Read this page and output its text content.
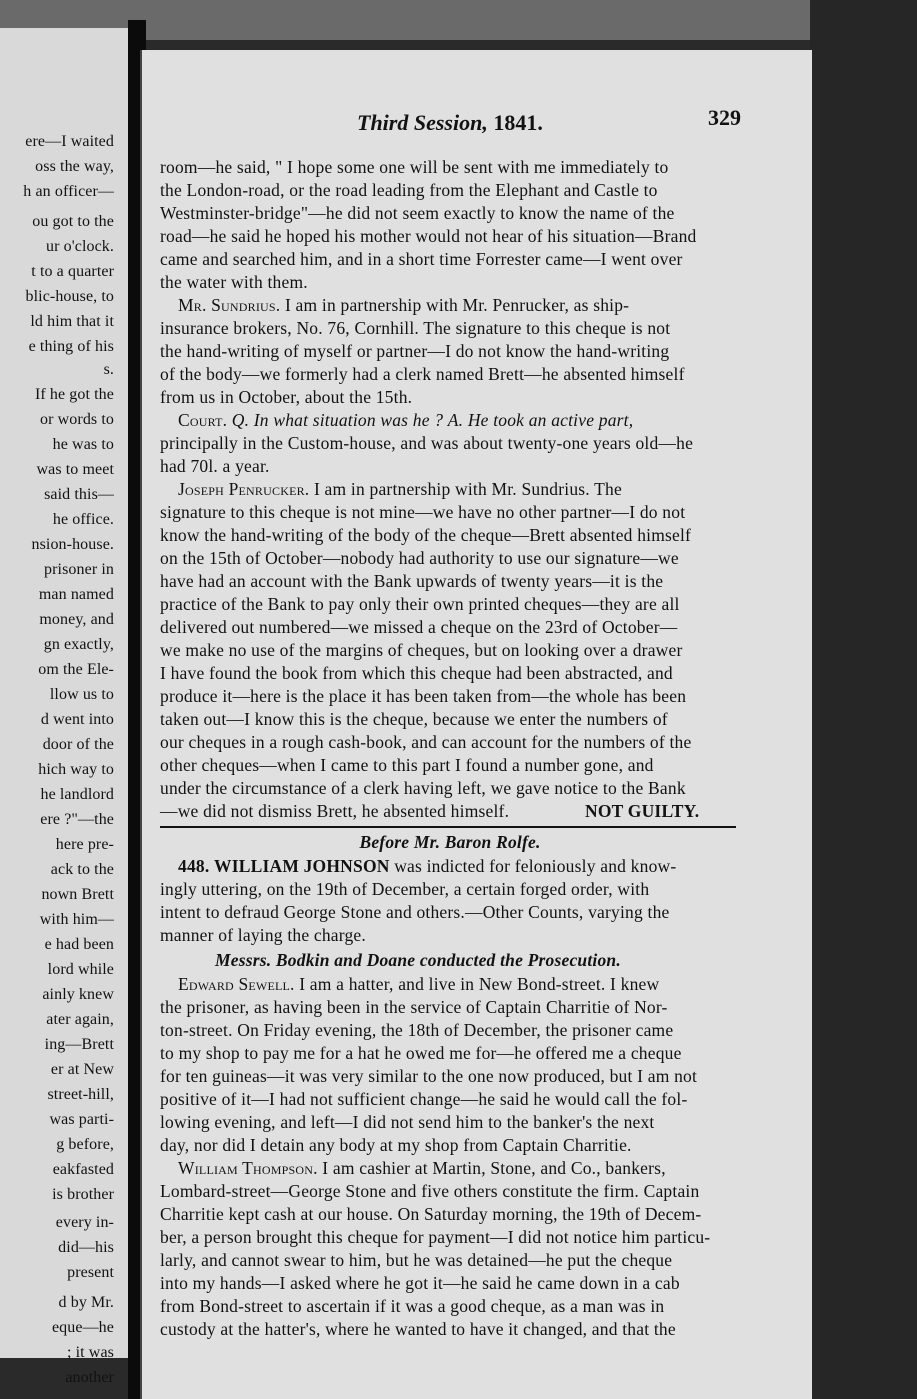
ere—I waited
oss the way,
h an officer—
ou got to the
ur o'clock.
t to a quarter
blic-house, to
ld him that it
e thing of his
s.
If he got the
or words to
he was to
was to meet
said this—
he office.
nsion-house.
prisoner in
man named
money, and
gn exactly,
om the Ele-
llow us to
d went into
door of the
hich way to
he landlord
ere ?"—the
here pre-
ack to the
nown Brett
with him—
e had been
lord while
ainly knew
ater again,
ing—Brett
er at New
street-hill,
was parti-
g before,
eakfasted
is brother
every in-
did—his
present
d by Mr.
eque—he
; it was
another
Third Session, 1841.	329
room—he said, " I hope some one will be sent with me immediately to
the London-road, or the road leading from the Elephant and Castle to
Westminster-bridge"—he did not seem exactly to know the name of the
road—he said he hoped his mother would not hear of his situation—Brand
came and searched him, and in a short time Forrester came—I went over
the water with them.
Mr. Sundrius. I am in partnership with Mr. Penrucker, as ship-
insurance brokers, No. 76, Cornhill. The signature to this cheque is not
the hand-writing of myself or partner—I do not know the hand-writing
of the body—we formerly had a clerk named Brett—he absented himself
from us in October, about the 15th.
Court. Q. In what situation was he ? A. He took an active part,
principally in the Custom-house, and was about twenty-one years old—he
had 70l. a year.
Joseph Penrucker. I am in partnership with Mr. Sundrius. The
signature to this cheque is not mine—we have no other partner—I do not
know the hand-writing of the body of the cheque—Brett absented himself
on the 15th of October—nobody had authority to use our signature—we
have had an account with the Bank upwards of twenty years—it is the
practice of the Bank to pay only their own printed cheques—they are all
delivered out numbered—we missed a cheque on the 23rd of October—
we make no use of the margins of cheques, but on looking over a drawer
I have found the book from which this cheque had been abstracted, and
produce it—here is the place it has been taken from—the whole has been
taken out—I know this is the cheque, because we enter the numbers of
our cheques in a rough cash-book, and can account for the numbers of the
other cheques—when I came to this part I found a number gone, and
under the circumstance of a clerk having left, we gave notice to the Bank
—we did not dismiss Brett, he absented himself.	NOT GUILTY.
Before Mr. Baron Rolfe.
448. WILLIAM JOHNSON was indicted for feloniously and know-
ingly uttering, on the 19th of December, a certain forged order, with
intent to defraud George Stone and others.—Other Counts, varying the
manner of laying the charge.
Messrs. Bodkin and Doane conducted the Prosecution.
Edward Sewell. I am a hatter, and live in New Bond-street. I knew
the prisoner, as having been in the service of Captain Charritie of Nor-
ton-street. On Friday evening, the 18th of December, the prisoner came
to my shop to pay me for a hat he owed me for—he offered me a cheque
for ten guineas—it was very similar to the one now produced, but I am not
positive of it—I had not sufficient change—he said he would call the fol-
lowing evening, and left—I did not send him to the banker's the next
day, nor did I detain any body at my shop from Captain Charritie.
William Thompson. I am cashier at Martin, Stone, and Co., bankers,
Lombard-street—George Stone and five others constitute the firm. Captain
Charritie kept cash at our house. On Saturday morning, the 19th of Decem-
ber, a person brought this cheque for payment—I did not notice him particu-
larly, and cannot swear to him, but he was detained—he put the cheque
into my hands—I asked where he got it—he said he came down in a cab
from Bond-street to ascertain if it was a good cheque, as a man was in
custody at the hatter's, where he wanted to have it changed, and that the
